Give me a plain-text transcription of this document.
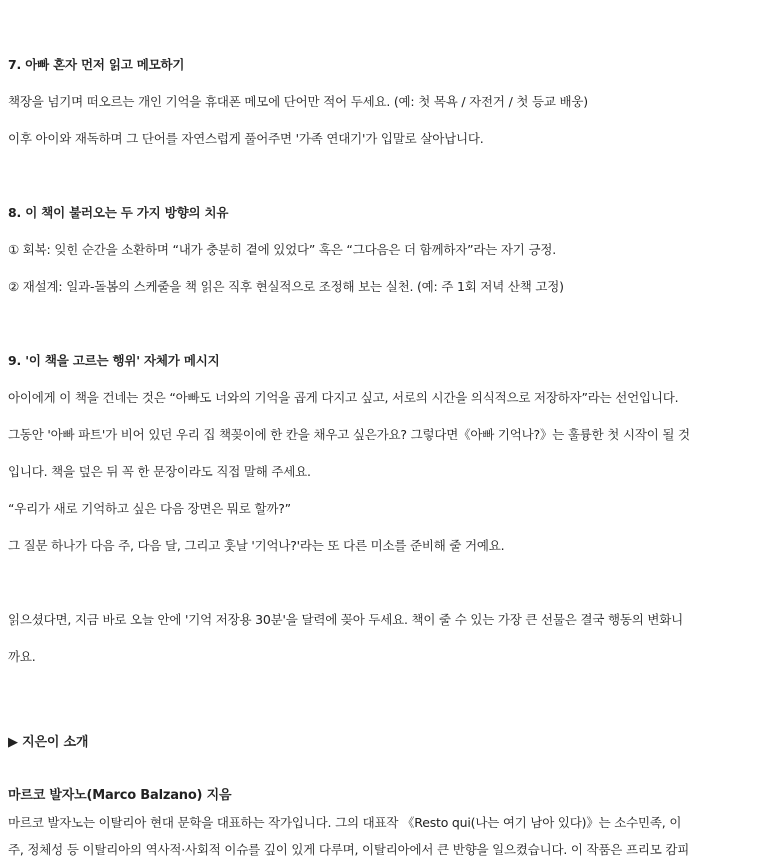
7. 아빠 혼자 먼저 읽고 메모하기
책장을 넘기며 떠오르는 개인 기억을 휴대폰 메모에 단어만 적어 두세요. (예: 첫 목욕 / 자전거 / 첫 등교 배웅)
이후 아이와 재독하며 그 단어를 자연스럽게 풀어주면 '가족 연대기'가 입말로 살아납니다.
8. 이 책이 불러오는 두 가지 방향의 치유
① 회복: 잊힌 순간을 소환하며 “내가 충분히 곁에 있었다” 혹은 “그다음은 더 함께하자”라는 자기 긍정.
② 재설계: 일과-돌봄의 스케줄을 책 읽은 직후 현실적으로 조정해 보는 실천. (예: 주 1회 저녁 산책 고정)
9. '이 책을 고르는 행위' 자체가 메시지
아이에게 이 책을 건네는 것은 “아빠도 너와의 기억을 곱게 다지고 싶고, 서로의 시간을 의식적으로 저장하자”라는 선언입니다.
그동안 '아빠 파트'가 비어 있던 우리 집 책꽂이에 한 칸을 채우고 싶은가요? 그렇다면《아빠 기억나?》는 훌륭한 첫 시작이 될 것
입니다. 책을 덮은 뒤 꼭 한 문장이라도 직접 말해 주세요.
“우리가 새로 기억하고 싶은 다음 장면은 뭐로 할까?”
그 질문 하나가 다음 주, 다음 달, 그리고 훗날 '기억나?'라는 또 다른 미소를 준비해 줄 거예요.
읽으셨다면, 지금 바로 오늘 안에 '기억 저장용 30분'을 달력에 꽂아 두세요. 책이 줄 수 있는 가장 큰 선물은 결국 행동의 변화니
까요.
▶ 지은이 소개
마르코 발자노(Marco Balzano) 지음
마르코 발자노는 이탈리아 현대 문학을 대표하는 작가입니다. 그의 대표작 《Resto qui(나는 여기 남아 있다)》는 소수민족, 이
주, 정체성 등 이탈리아의 역사적·사회적 이슈를 깊이 있게 다루며, 이탈리아에서 큰 반향을 일으켰습니다. 이 작품은 프리모 캄피
